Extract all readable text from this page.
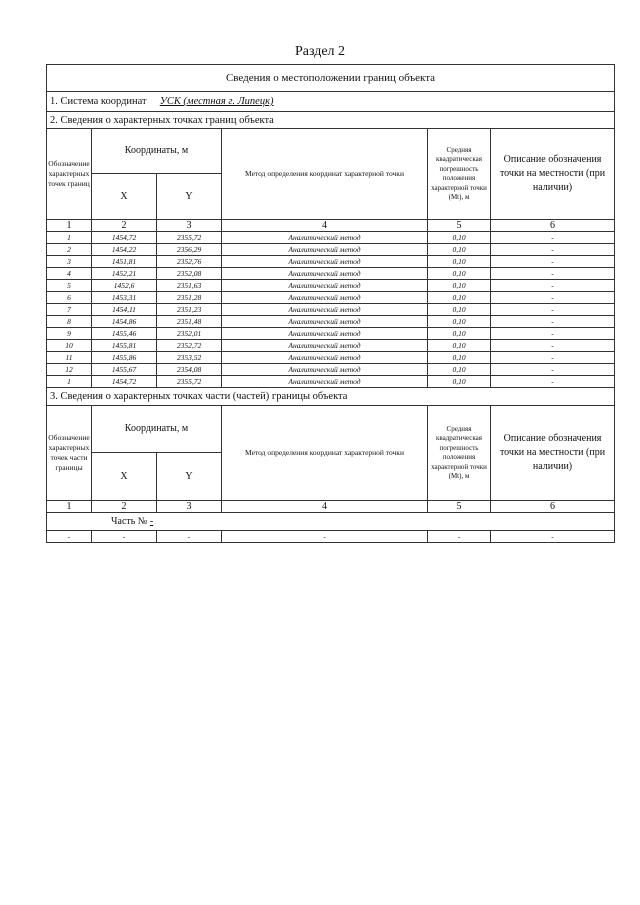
Раздел 2
Сведения о местоположении границ объекта					
1. Система координат УСК (местная г. Липецк)					
2. Сведения о характерных точках границ объекта					
Обозначение характерных точек границ	Координаты, м		Метод определения координат характерной точки	Средняя квадратическая погрешность положения характерной точки (Mt), м	Описание обозначения точки на местности (при наличии)
	X	Y			
1	2	3	4	5	6
1	1454,72	2355,72	Аналитический метод	0,10	-
2	1454,22	2356,29	Аналитический метод	0,10	-
3	1451,81	2352,76	Аналитический метод	0,10	-
4	1452,21	2352,08	Аналитический метод	0,10	-
5	1452,6	2351,63	Аналитический метод	0,10	-
6	1453,31	2351,28	Аналитический метод	0,10	-
7	1454,11	2351,23	Аналитический метод	0,10	-
8	1454,86	2351,48	Аналитический метод	0,10	-
9	1455,46	2352,01	Аналитический метод	0,10	-
10	1455,81	2352,72	Аналитический метод	0,10	-
11	1455,86	2353,52	Аналитический метод	0,10	-
12	1455,67	2354,08	Аналитический метод	0,10	-
1	1454,72	2355,72	Аналитический метод	0,10	-
3. Сведения о характерных точках части (частей) границы объекта					
Обозначение характерных точек части границы	Координаты, м		Метод определения координат характерной точки	Средняя квадратическая погрешность положения характерной точки (Mt), м	Описание обозначения точки на местности (при наличии)
	X	Y			
1	2	3	4	5	6
Часть № -					
-	-	-	-	-	-
